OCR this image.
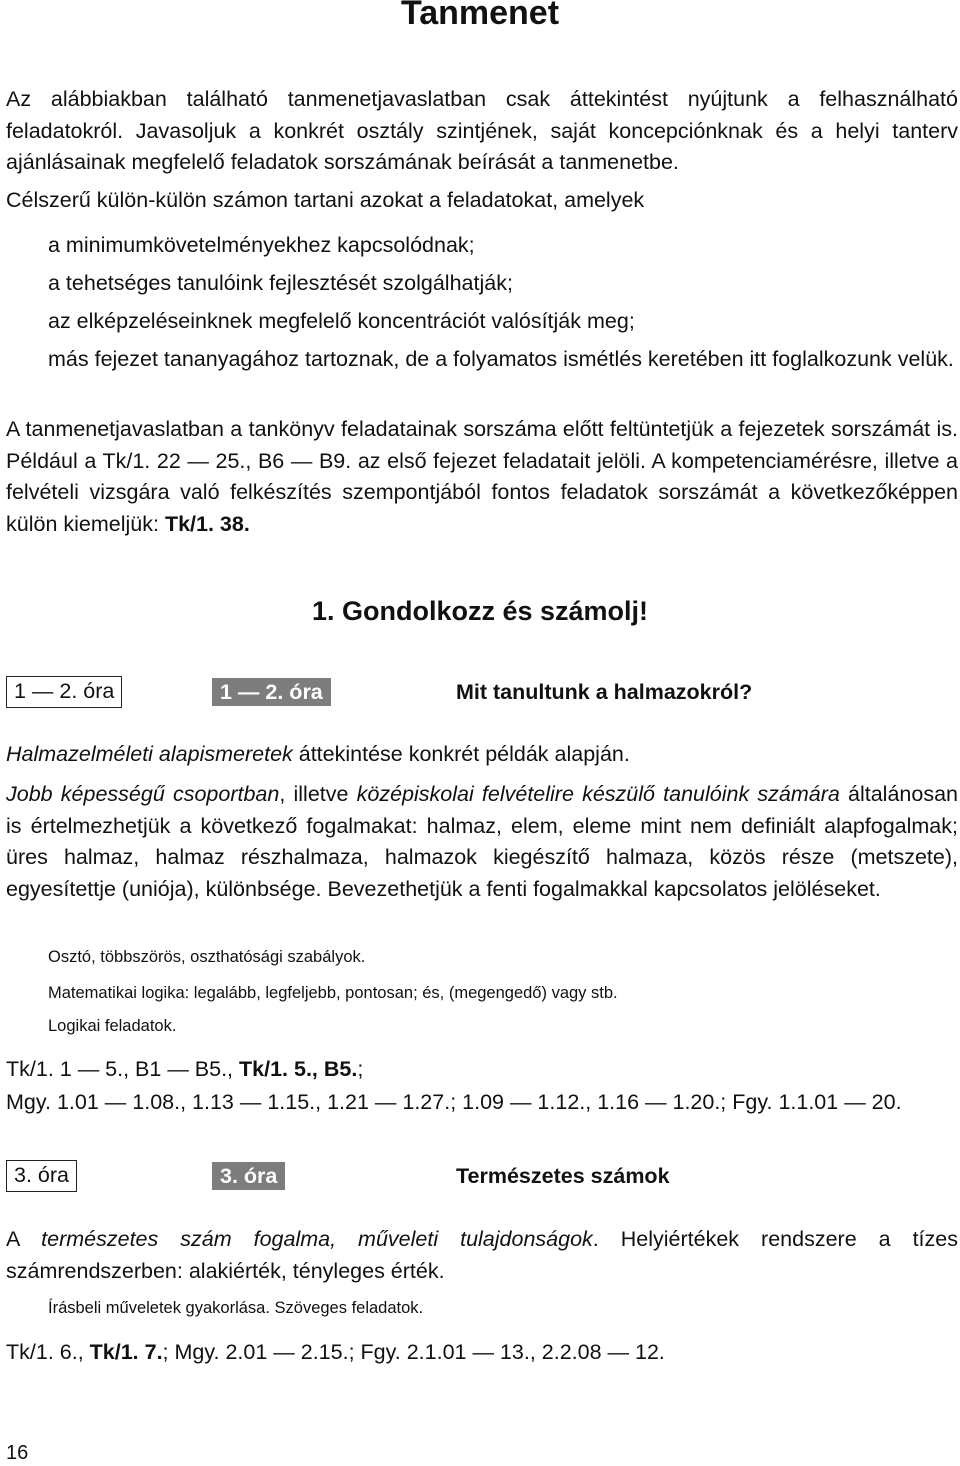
Tanmenet

Az alábbiakban található tanmenetjavaslatban csak áttekintést nyújtunk a felhasználható feladatokról. Javasoljuk a konkrét osztály szintjének, saját koncepciónknak és a helyi tanterv ajánlásainak megfelelő feladatok sorszámának beírását a tanmenetbe.

Célszerű külön-külön számon tartani azokat a feladatokat, amelyek

a minimumkövetelményekhez kapcsolódnak;

a tehetséges tanulóink fejlesztését szolgálhatják;

az elképzeléseinknek megfelelő koncentrációt valósítják meg;

más fejezet tananyagához tartoznak, de a folyamatos ismétlés keretében itt foglalkozunk velük.

A tanmenetjavaslatban a tankönyv feladatainak sorszáma előtt feltüntetjük a fejezetek sorszámát is. Például a Tk/1. 22 — 25., B6 — B9. az első fejezet feladatait jelöli. A kompetenciamérésre, illetve a felvételi vizsgára való felkészítés szempontjából fontos feladatok sorszámát a következőképpen külön kiemeljük: Tk/1. 38.

1. Gondolkozz és számolj!
1 — 2. óra	1 — 2. óra	Mit tanultunk a halmazokról?

Halmazelméleti alapismeretek áttekintése konkrét példák alapján.

Jobb képességű csoportban, illetve középiskolai felvételire készülő tanulóink számára általánosan is értelmezhetjük a következő fogalmakat: halmaz, elem, eleme mint nem definiált alapfogalmak; üres halmaz, halmaz részhalmaza, halmazok kiegészítő halmaza, közös része (metszete), egyesítettje (uniója), különbsége. Bevezethetjük a fenti fogalmakkal kapcsolatos jelöléseket.

Osztó, többszörös, oszthatósági szabályok.

Matematikai logika: legalább, legfeljebb, pontosan; és, (megengedő) vagy stb.

Logikai feladatok.

Tk/1. 1 — 5., B1 — B5., Tk/1. 5., B5.;

Mgy. 1.01 — 1.08., 1.13 — 1.15., 1.21 — 1.27.; 1.09 — 1.12., 1.16 — 1.20.; Fgy. 1.1.01 — 20.

3. óra	3. óra	Természetes számok

A természetes szám fogalma, műveleti tulajdonságok. Helyiértékek rendszere a tízes számrendszerben: alakiérték, tényleges érték.

Írásbeli műveletek gyakorlása. Szöveges feladatok.

Tk/1. 6., Tk/1. 7.; Mgy. 2.01 — 2.15.; Fgy. 2.1.01 — 13., 2.2.08 — 12.

16
